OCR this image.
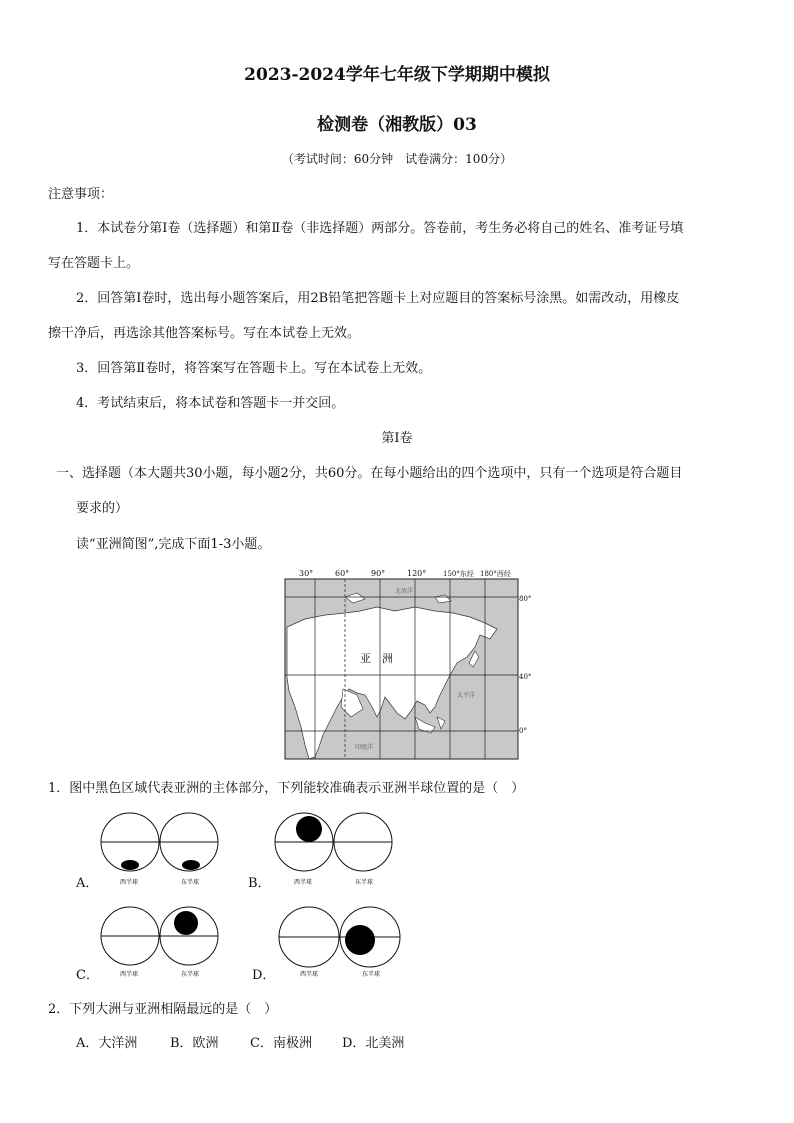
2023-2024学年七年级下学期期中模拟
检测卷（湘教版）03
（考试时间：60分钟　试卷满分：100分）
注意事项：
1．本试卷分第Ⅰ卷（选择题）和第Ⅱ卷（非选择题）两部分。答卷前，考生务必将自己的姓名、准考证号填
写在答题卡上。
2．回答第Ⅰ卷时，选出每小题答案后，用2B铅笔把答题卡上对应题目的答案标号涂黑。如需改动，用橡皮
擦干净后，再选涂其他答案标号。写在本试卷上无效。
3．回答第Ⅱ卷时，将答案写在答题卡上。写在本试卷上无效。
4．考试结束后，将本试卷和答题卡一并交回。
第Ⅰ卷
一、选择题（本大题共30小题，每小题2分，共60分。在每小题给出的四个选项中，只有一个选项是符合题目
要求的）
读“亚洲简图”,完成下面1-3小题。
30°	60°	90°	120° 150°东经 180°西经
80°
40°
0°
亚　洲
北冰洋
太平洋
印度洋
1．图中黑色区域代表亚洲的主体部分，下列能较准确表示亚洲半球位置的是（　）
A．	西半球	东半球	B．	西半球	东半球
C．	西半球	东半球	D．	西半球	东半球
2．下列大洲与亚洲相隔最远的是（　）
A．大洋洲	B．欧洲 C．南极洲 D．北美洲
